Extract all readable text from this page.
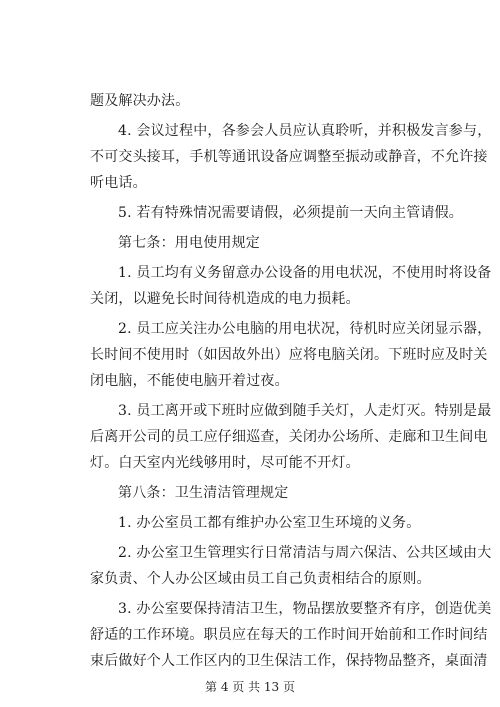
题及解决办法。
4. 会议过程中，各参会人员应认真聆听，并积极发言参与，
不可交头接耳，手机等通讯设备应调整至振动或静音，不允许接
听电话。
5. 若有特殊情况需要请假，必须提前一天向主管请假。
第七条：用电使用规定
1. 员工均有义务留意办公设备的用电状况，不使用时将设备
关闭，以避免长时间待机造成的电力损耗。
2. 员工应关注办公电脑的用电状况，待机时应关闭显示器，
长时间不使用时（如因故外出）应将电脑关闭。下班时应及时关
闭电脑，不能使电脑开着过夜。
3. 员工离开或下班时应做到随手关灯，人走灯灭。特别是最
后离开公司的员工应仔细巡查，关闭办公场所、走廊和卫生间电
灯。白天室内光线够用时，尽可能不开灯。
第八条：卫生清洁管理规定
1. 办公室员工都有维护办公室卫生环境的义务。
2. 办公室卫生管理实行日常清洁与周六保洁、公共区域由大
家负责、个人办公区域由员工自己负责相结合的原则。
3. 办公室要保持清洁卫生，物品摆放要整齐有序，创造优美
舒适的工作环境。职员应在每天的工作时间开始前和工作时间结
束后做好个人工作区内的卫生保洁工作，保持物品整齐，桌面清
第 4 页 共 13 页
